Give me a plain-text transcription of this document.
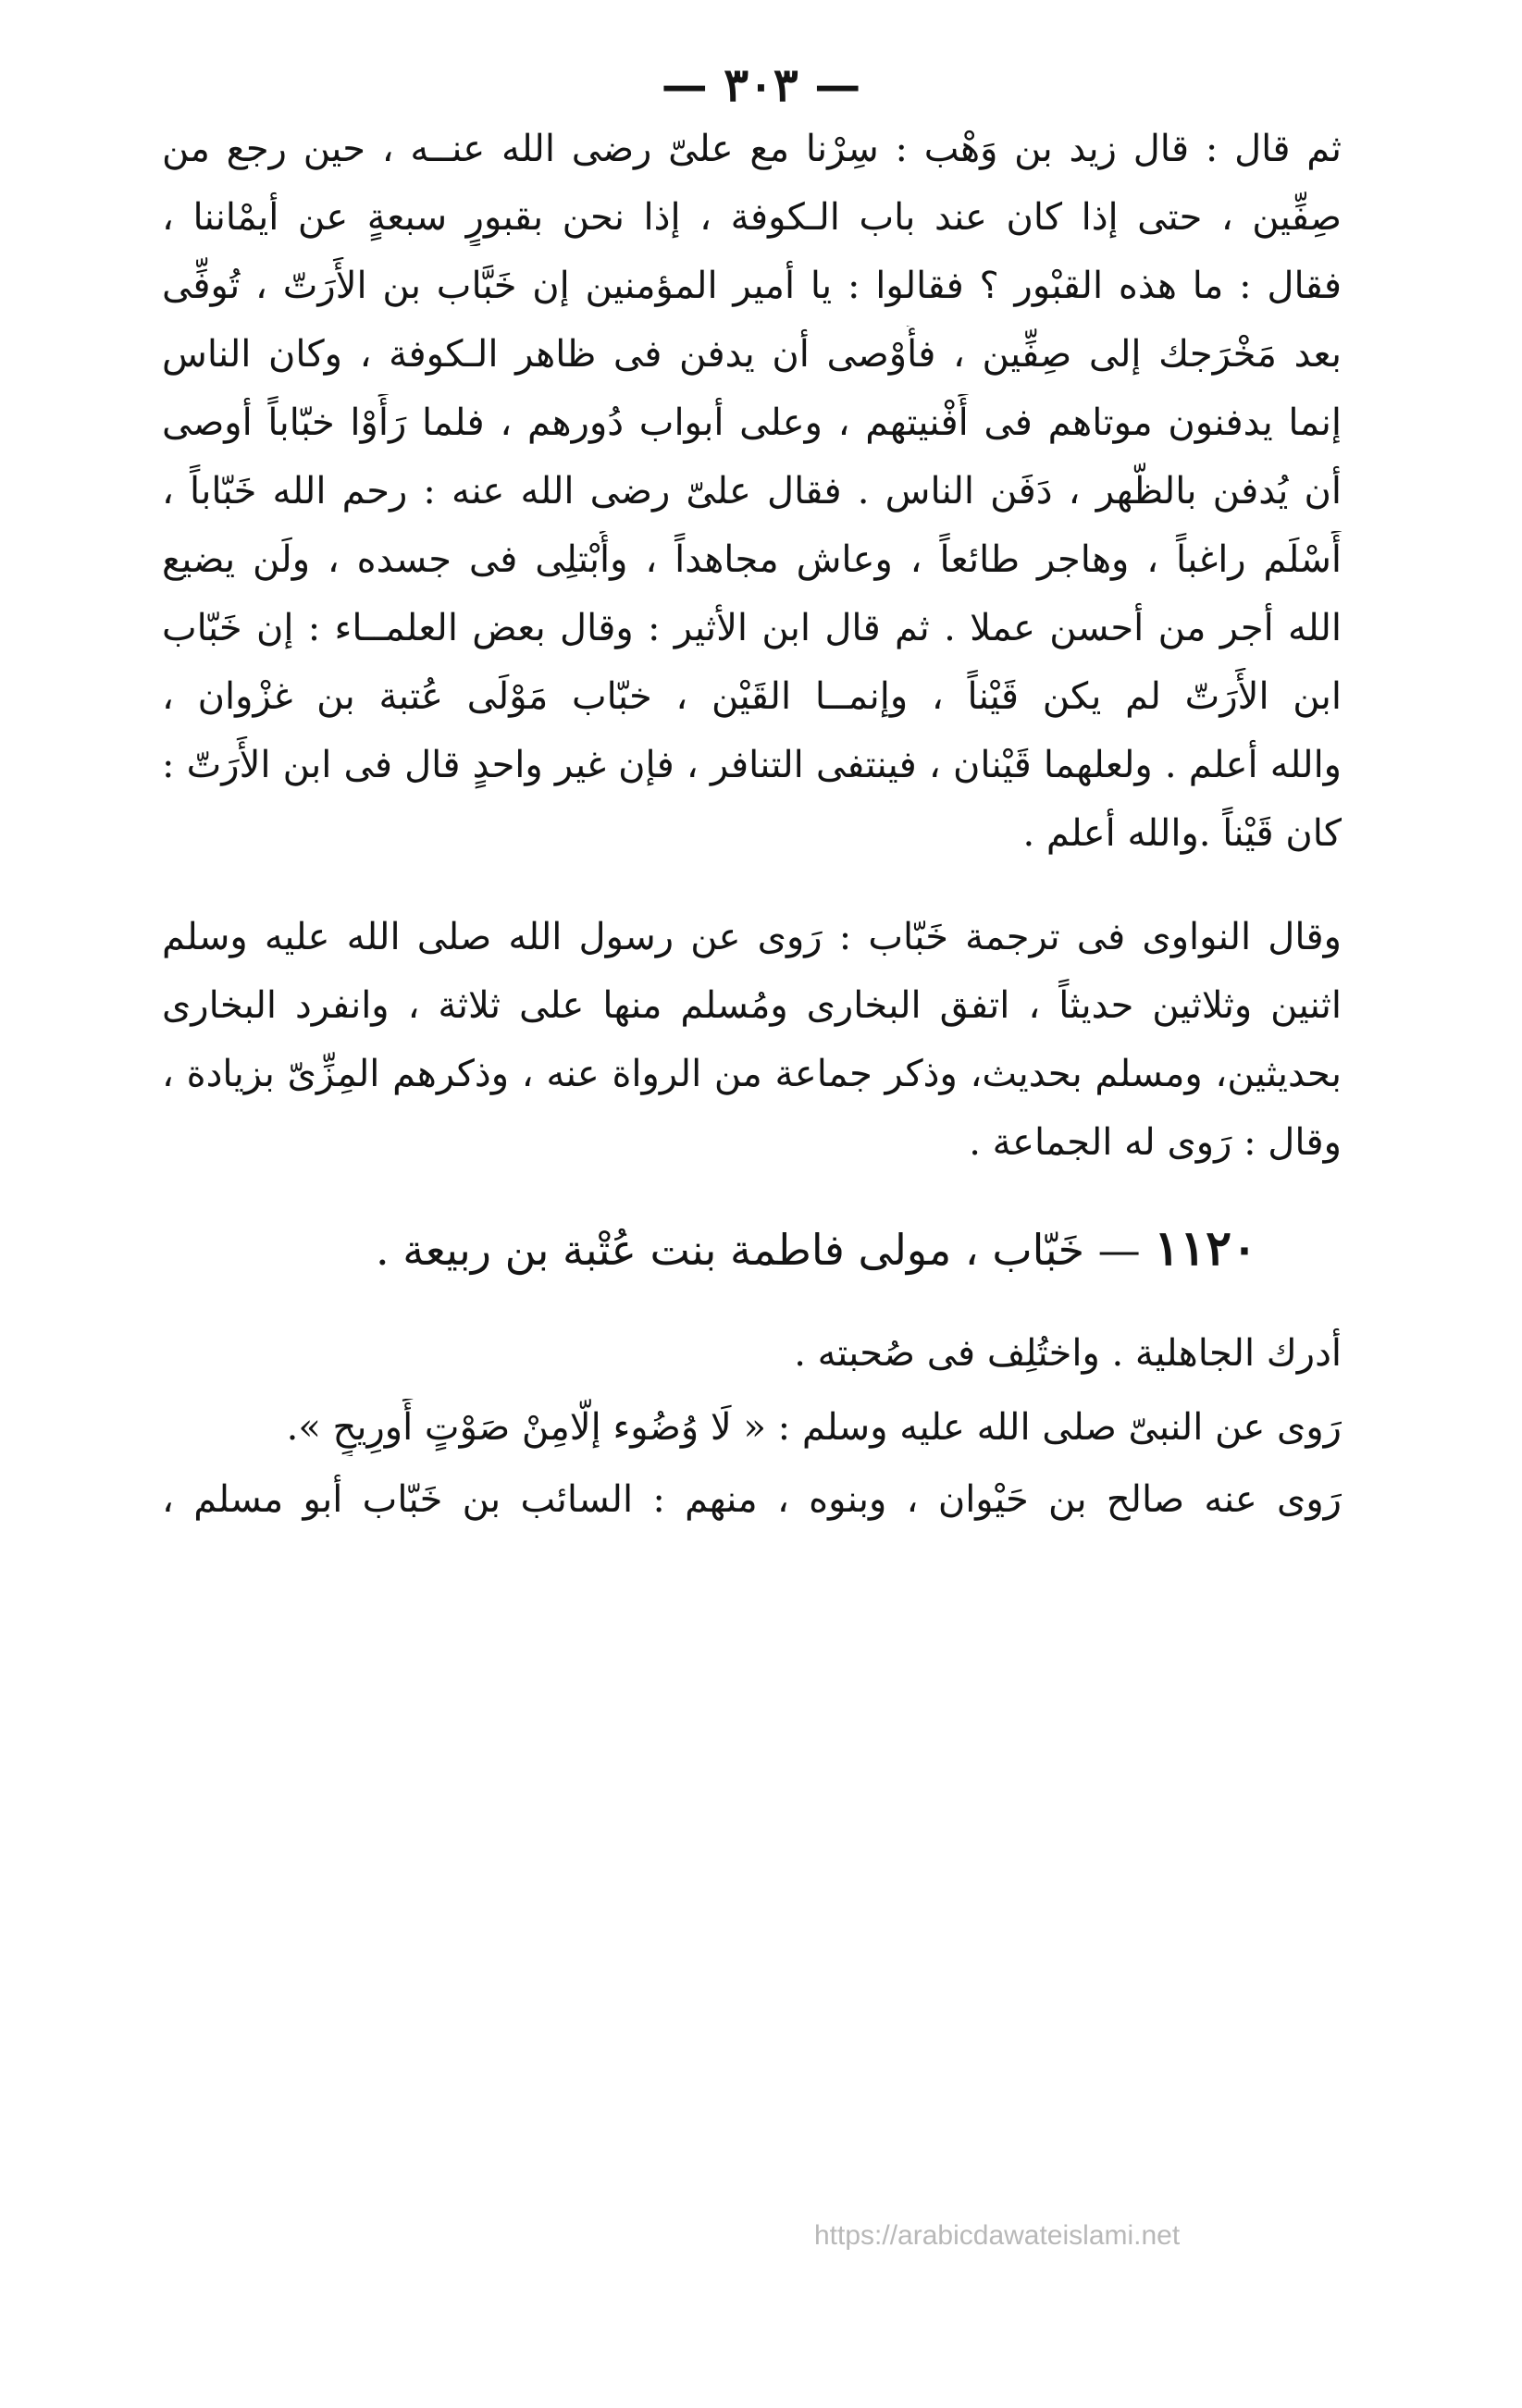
— ٣٠٣ —
ثم قال : قال زيد بن وَهْب : سِرْنا مع علىّ رضى الله عنــه ، حين رجع من
صِفِّين ، حتى إذا كان عند باب الـكوفة ، إذا نحن بقبورٍ سبعةٍ عن أيمْاننا ،
فقال : ما هذه القبْور ؟ فقالوا : يا أمير المؤمنين إن خَبَّاب بن الأَرَتّ ، تُوفِّى
بعد مَخْرَجك إلى صِفِّين ، فأَوْصى أن يدفن فى ظاهر الـكوفة ، وكان الناس
إنما يدفنون موتاهم فى أَفْنيتهم ، وعلى أبواب دُورهم ، فلما رَأَوْا خبّاباً أوصى
أن يُدفن بالظّهر ، دَفَن الناس . فقال علىّ رضى الله عنه : رحم الله خَبّاباً ،
أَسْلَم راغباً ، وهاجر طائعاً ، وعاش مجاهداً ، وأُبْتلِى فى جسده ، ولَن يضيع
الله أجر من أحسن عملا . ثم قال ابن الأثير : وقال بعض العلمــاء : إن خَبّاب
ابن الأَرَتّ لم يكن قَيْناً ، وإنمــا القَيْن ، خبّاب مَوْلَى عُتبة بن غزْوان ،
والله أعلم . ولعلهما قَيْنان ، فينتفى التنافر ، فإن غير واحدٍ قال فى ابن الأَرَتّ :
كان قَيْناً .والله أعلم .
وقال النواوى فى ترجمة خَبّاب : رَوى عن رسول الله صلى الله عليه وسلم
اثنين وثلاثين حديثاً ، اتفق البخارى ومُسلم منها على ثلاثة ، وانفرد البخارى
بحديثين، ومسلم بحديث، وذكر جماعة من الرواة عنه ، وذكرهم المِزِّىّ بزيادة ،
وقال : رَوى له الجماعة .
١١٢٠ — خَبّاب ، مولى فاطمة بنت عُتْبة بن ربيعة .
أدرك الجاهلية . واختُلِف فى صُحبته .
رَوى عن النبىّ صلى الله عليه وسلم : « لَا وُضُوء إلّامِنْ صَوْتٍ أَورِيحٍ ».
رَوى عنه صالح بن حَيْوان ، وبنوه ، منهم : السائب بن خَبّاب أبو مسلم ،
https://arabicdawateislami.net
